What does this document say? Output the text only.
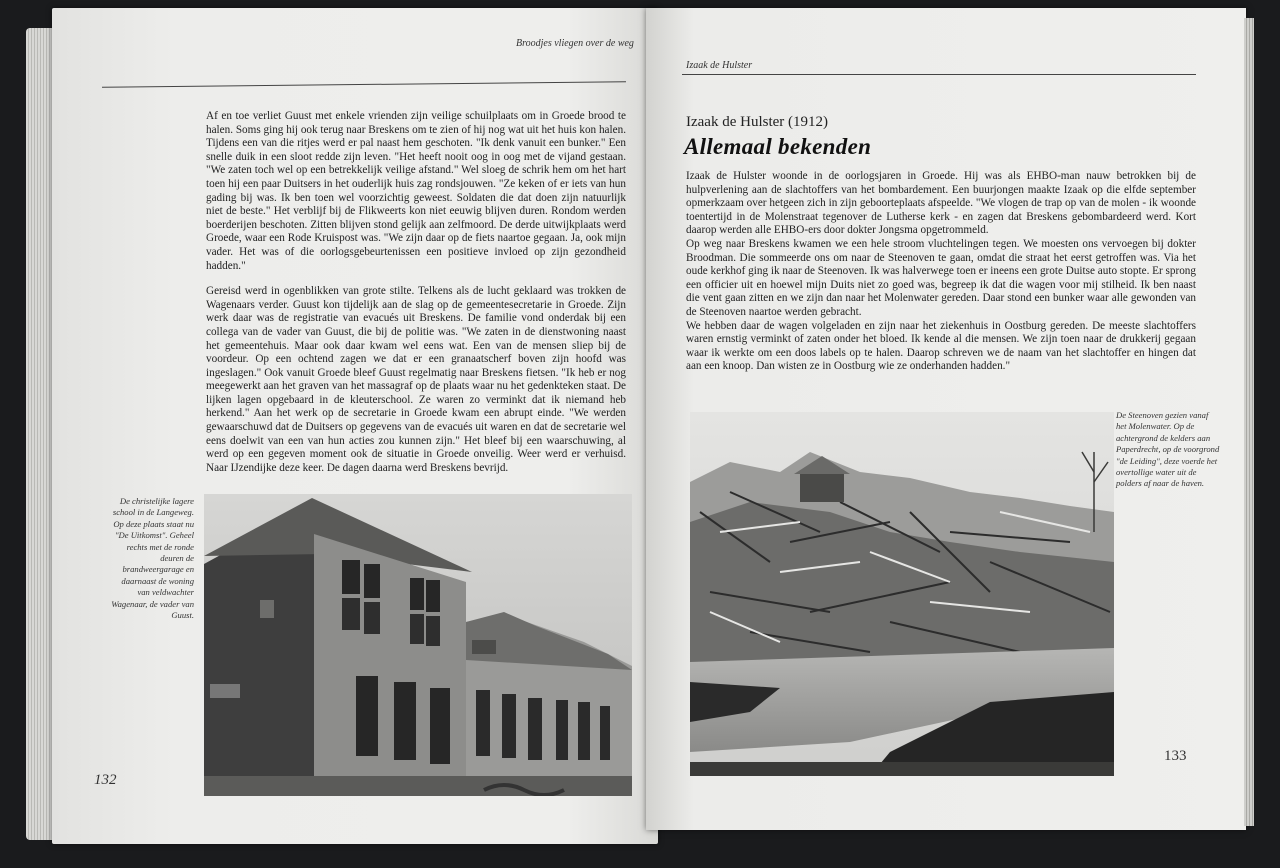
Broodjes vliegen over de weg

Af en toe verliet Guust met enkele vrienden zijn veilige schuilplaats om in Groede brood te halen. Soms ging hij ook terug naar Breskens om te zien of hij nog wat uit het huis kon halen. Tijdens een van die ritjes werd er pal naast hem geschoten. "Ik denk vanuit een bunker." Een snelle duik in een sloot redde zijn leven. "Het heeft nooit oog in oog met de vijand gestaan. "We zaten toch wel op een betrekkelijk veilige afstand." Wel sloeg de schrik hem om het hart toen hij een paar Duitsers in het ouderlijk huis zag rondsjouwen. "Ze keken of er iets van hun gading bij was. Ik ben toen wel voorzichtig geweest. Soldaten die dat doen zijn natuurlijk niet de beste." Het verblijf bij de Flikweerts kon niet eeuwig blijven duren. Rondom werden boerderijen beschoten. Zitten blijven stond gelijk aan zelfmoord. De derde uitwijkplaats werd Groede, waar een Rode Kruispost was. "We zijn daar op de fiets naartoe gegaan. Ja, ook mijn vader. Het was of die oorlogsgebeurtenissen een positieve invloed op zijn gezondheid hadden."

Gereisd werd in ogenblikken van grote stilte. Telkens als de lucht geklaard was trokken de Wagenaars verder. Guust kon tijdelijk aan de slag op de gemeentesecretarie in Groede. Zijn werk daar was de registratie van evacués uit Breskens. De familie vond onderdak bij een collega van de vader van Guust, die bij de politie was. "We zaten in de dienstwoning naast het gemeentehuis. Maar ook daar kwam wel eens wat. Een van de mensen sliep bij de voordeur. Op een ochtend zagen we dat er een granaatscherf boven zijn hoofd was ingeslagen." Ook vanuit Groede bleef Guust regelmatig naar Breskens fietsen. "Ik heb er nog meegewerkt aan het graven van het massagraf op de plaats waar nu het gedenkteken staat. De lijken lagen opgebaard in de kleuterschool. Ze waren zo verminkt dat ik niemand heb herkend." Aan het werk op de secretarie in Groede kwam een abrupt einde. "We werden gewaarschuwd dat de Duitsers op gegevens van de evacués uit waren en dat de secretarie wel eens doelwit van een van hun acties zou kunnen zijn." Het bleef bij een waarschuwing, al werd op een gegeven moment ook de situatie in Groede onveilig. Weer werd er verhuisd. Naar IJzendijke deze keer. De dagen daarna werd Breskens bevrijd.

De christelijke lagere school in de Langeweg. Op deze plaats staat nu "De Uitkomst". Geheel rechts met de ronde deuren de brandweergarage en daarnaast de woning van veldwachter Wagenaar, de vader van Guust.
132
Izaak de Hulster
Izaak de Hulster (1912)
Allemaal bekenden

Izaak de Hulster woonde in de oorlogsjaren in Groede. Hij was als EHBO-man nauw betrokken bij de hulpverlening aan de slachtoffers van het bombardement. Een buurjongen maakte Izaak op die elfde september opmerkzaam over hetgeen zich in zijn geboorteplaats afspeelde. "We vlogen de trap op van de molen - ik woonde toentertijd in de Molenstraat tegenover de Lutherse kerk - en zagen dat Breskens gebombardeerd werd. Kort daarop werden alle EHBO-ers door dokter Jongsma opgetrommeld.

Op weg naar Breskens kwamen we een hele stroom vluchtelingen tegen. We moesten ons vervoegen bij dokter Broodman. Die sommeerde ons om naar de Steenoven te gaan, omdat die straat het eerst getroffen was. Via het oude kerkhof ging ik naar de Steenoven. Ik was halverwege toen er ineens een grote Duitse auto stopte. Er sprong een officier uit en hoewel mijn Duits niet zo goed was, begreep ik dat die wagen voor mij stilheid. Ik ben naast die vent gaan zitten en we zijn dan naar het Molenwater gereden. Daar stond een bunker waar alle gewonden van de Steenoven naartoe werden gebracht.

We hebben daar de wagen volgeladen en zijn naar het ziekenhuis in Oostburg gereden. De meeste slachtoffers waren ernstig verminkt of zaten onder het bloed. Ik kende al die mensen. We zijn toen naar de drukkerij gegaan waar ik werkte om een doos labels op te halen. Daarop schreven we de naam van het slachtoffer en hingen dat aan een knoop. Dan wisten ze in Oostburg wie ze onderhanden hadden."

De Steenoven gezien vanaf het Molenwater. Op de achtergrond de kelders aan Paperdrecht, op de voorgrond "de Leiding", deze voerde het overtollige water uit de polders af naar de haven.
133
